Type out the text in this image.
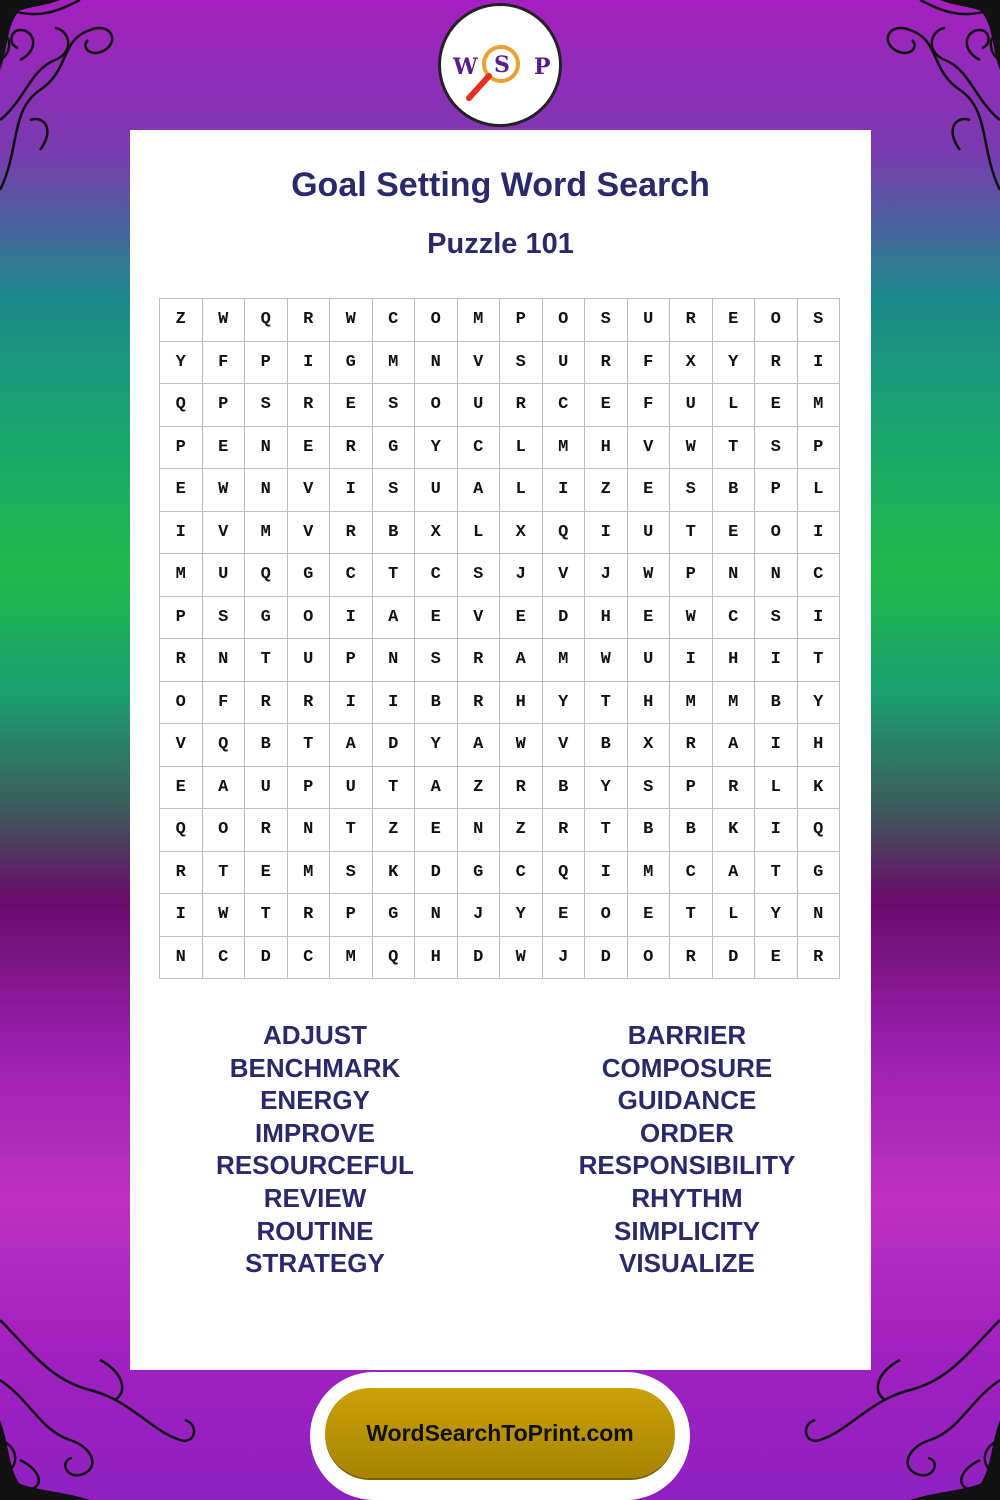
W S P
Goal Setting Word Search
Puzzle 101
Z	W	Q	R	W	C	O	M	P	O	S	U	R	E	O	S
Y	F	P	I	G	M	N	V	S	U	R	F	X	Y	R	I
Q	P	S	R	E	S	O	U	R	C	E	F	U	L	E	M
P	E	N	E	R	G	Y	C	L	M	H	V	W	T	S	P
E	W	N	V	I	S	U	A	L	I	Z	E	S	B	P	L
I	V	M	V	R	B	X	L	X	Q	I	U	T	E	O	I
M	U	Q	G	C	T	C	S	J	V	J	W	P	N	N	C
P	S	G	O	I	A	E	V	E	D	H	E	W	C	S	I
R	N	T	U	P	N	S	R	A	M	W	U	I	H	I	T
O	F	R	R	I	I	B	R	H	Y	T	H	M	M	B	Y
V	Q	B	T	A	D	Y	A	W	V	B	X	R	A	I	H
E	A	U	P	U	T	A	Z	R	B	Y	S	P	R	L	K
Q	O	R	N	T	Z	E	N	Z	R	T	B	B	K	I	Q
R	T	E	M	S	K	D	G	C	Q	I	M	C	A	T	G
I	W	T	R	P	G	N	J	Y	E	O	E	T	L	Y	N
N	C	D	C	M	Q	H	D	W	J	D	O	R	D	E	R
ADJUST
BENCHMARK
ENERGY
IMPROVE
RESOURCEFUL
REVIEW
ROUTINE
STRATEGY
BARRIER
COMPOSURE
GUIDANCE
ORDER
RESPONSIBILITY
RHYTHM
SIMPLICITY
VISUALIZE
WordSearchToPrint.com
